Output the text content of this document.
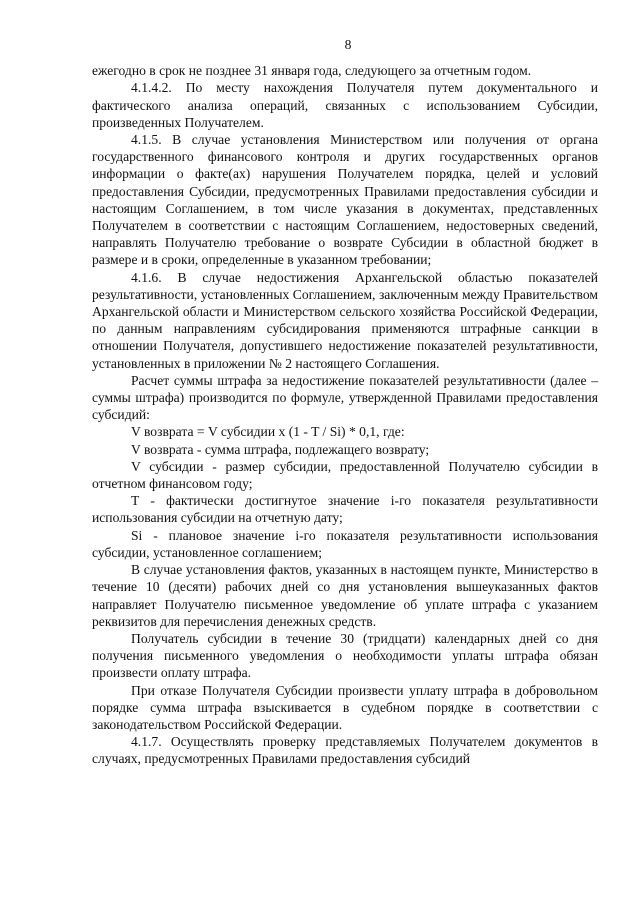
8

ежегодно в срок не позднее 31 января года, следующего за отчетным годом.

4.1.4.2. По месту нахождения Получателя путем документального и фактического анализа операций, связанных с использованием Субсидии, произведенных Получателем.

4.1.5. В случае установления Министерством или получения от органа государственного финансового контроля и других государственных органов информации о факте(ах) нарушения Получателем порядка, целей и условий предоставления Субсидии, предусмотренных Правилами предоставления субсидии и настоящим Соглашением, в том числе указания в документах, представленных Получателем в соответствии с настоящим Соглашением, недостоверных сведений, направлять Получателю требование о возврате Субсидии в областной бюджет в размере и в сроки, определенные в указанном требовании;

4.1.6. В случае недостижения Архангельской областью показателей результативности, установленных Соглашением, заключенным между Правительством Архангельской области и Министерством сельского хозяйства Российской Федерации, по данным направлениям субсидирования применяются штрафные санкции в отношении Получателя, допустившего недостижение показателей результативности, установленных в приложении № 2 настоящего Соглашения.

Расчет суммы штрафа за недостижение показателей результативности (далее – суммы штрафа) производится по формуле, утвержденной Правилами предоставления субсидий:

V возврата = V субсидии x (1 - T / Si) * 0,1, где:

V возврата - сумма штрафа, подлежащего возврату;

V субсидии - размер субсидии, предоставленной Получателю субсидии в отчетном финансовом году;

T - фактически достигнутое значение i-го показателя результативности использования субсидии на отчетную дату;

Si - плановое значение i-го показателя результативности использования субсидии, установленное соглашением;

В случае установления фактов, указанных в настоящем пункте, Министерство в течение 10 (десяти) рабочих дней со дня установления вышеуказанных фактов направляет Получателю письменное уведомление об уплате штрафа с указанием реквизитов для перечисления денежных средств.

Получатель субсидии в течение 30 (тридцати) календарных дней со дня получения письменного уведомления о необходимости уплаты штрафа обязан произвести оплату штрафа.

При отказе Получателя Субсидии произвести уплату штрафа в добровольном порядке сумма штрафа взыскивается в судебном порядке в соответствии с законодательством Российской Федерации.

4.1.7. Осуществлять проверку представляемых Получателем документов в случаях, предусмотренных Правилами предоставления субсидий
